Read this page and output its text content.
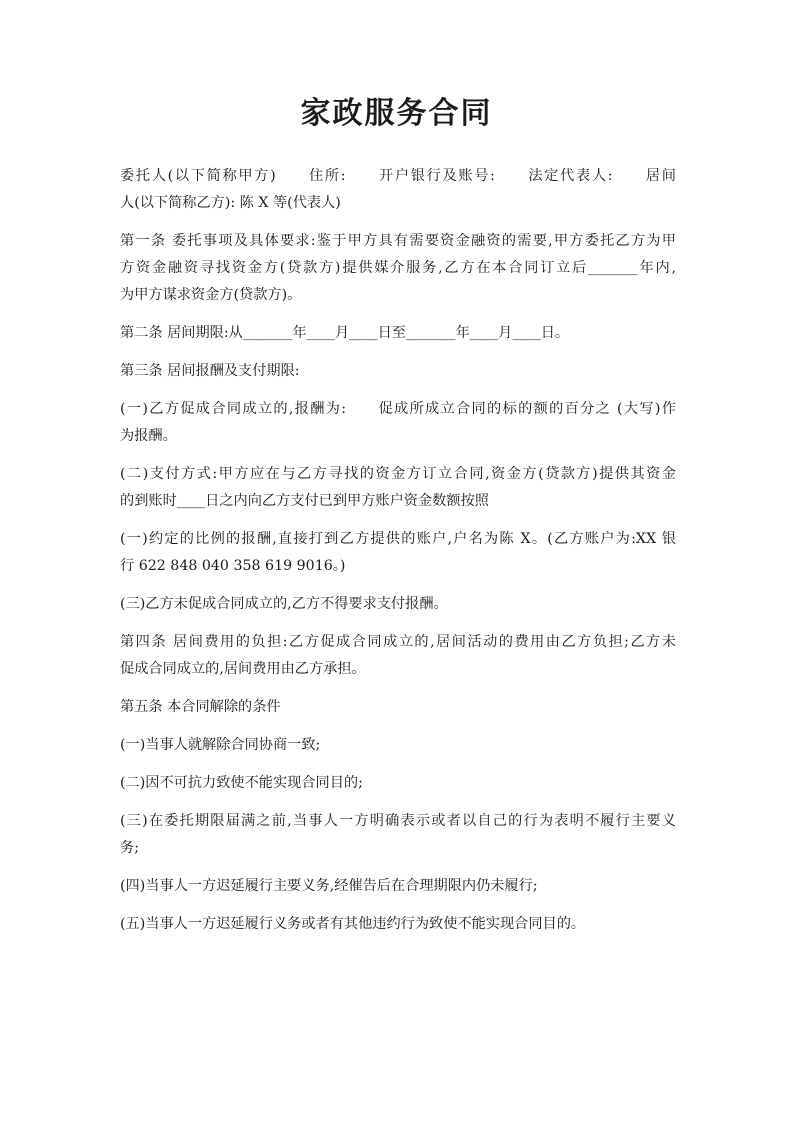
家政服务合同

委托人(以下简称甲方)　　住所:　　开户银行及账号:　　法定代表人:　　居间
人(以下简称乙方): 陈 X 等(代表人)

第一条 委托事项及具体要求:鉴于甲方具有需要资金融资的需要,甲方委托乙方为甲
方资金融资寻找资金方(贷款方)提供媒介服务,乙方在本合同订立后_______年内,
为甲方谋求资金方(贷款方)。

第二条 居间期限:从_______年____月____日至_______年____月____日。

第三条 居间报酬及支付期限:

(一)乙方促成合同成立的,报酬为:　　促成所成立合同的标的额的百分之 (大写)作
为报酬。

(二)支付方式:甲方应在与乙方寻找的资金方订立合同,资金方(贷款方)提供其资金
的到账时____日之内向乙方支付已到甲方账户资金数额按照

(一)约定的比例的报酬,直接打到乙方提供的账户,户名为陈 X。(乙方账户为:XX 银
行 622 848 040 358 619 9016。)

(三)乙方未促成合同成立的,乙方不得要求支付报酬。

第四条 居间费用的负担:乙方促成合同成立的,居间活动的费用由乙方负担;乙方未
促成合同成立的,居间费用由乙方承担。

第五条 本合同解除的条件

(一)当事人就解除合同协商一致;

(二)因不可抗力致使不能实现合同目的;

(三)在委托期限届满之前,当事人一方明确表示或者以自己的行为表明不履行主要义
务;

(四)当事人一方迟延履行主要义务,经催告后在合理期限内仍未履行;

(五)当事人一方迟延履行义务或者有其他违约行为致使不能实现合同目的。
